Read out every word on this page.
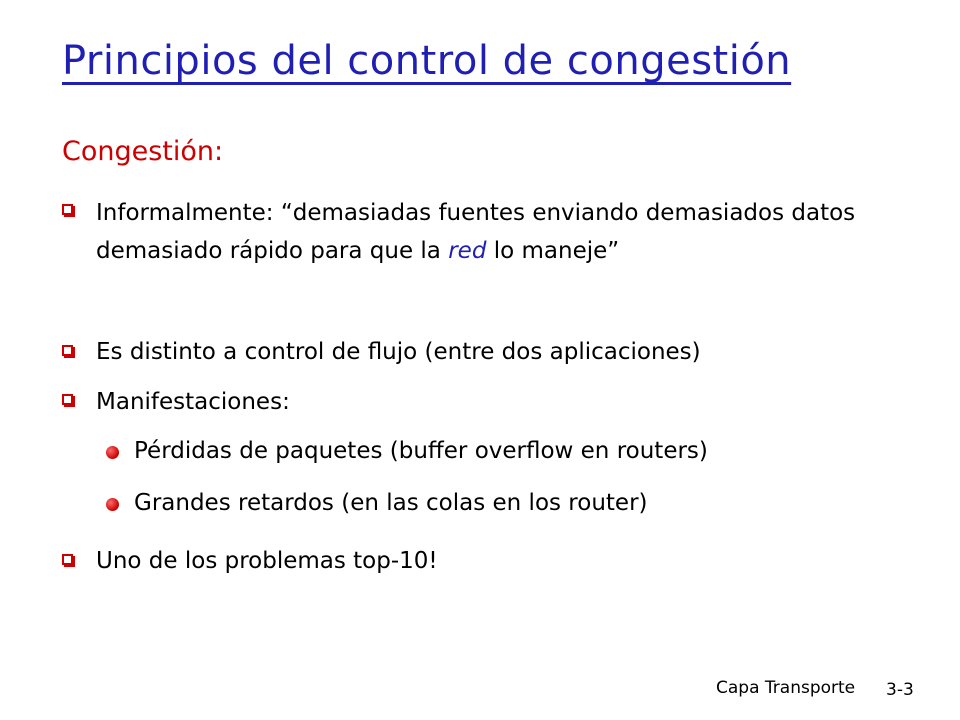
Principios del control de congestión
Congestión:
Informalmente: “demasiadas fuentes enviando demasiados datos demasiado rápido para que la red lo maneje”
Es distinto a control de flujo (entre dos aplicaciones)
Manifestaciones:
Pérdidas de paquetes (buffer overflow en routers)
Grandes retardos (en las colas en los router)
Uno de los problemas top-10!
Capa Transporte 3-3
